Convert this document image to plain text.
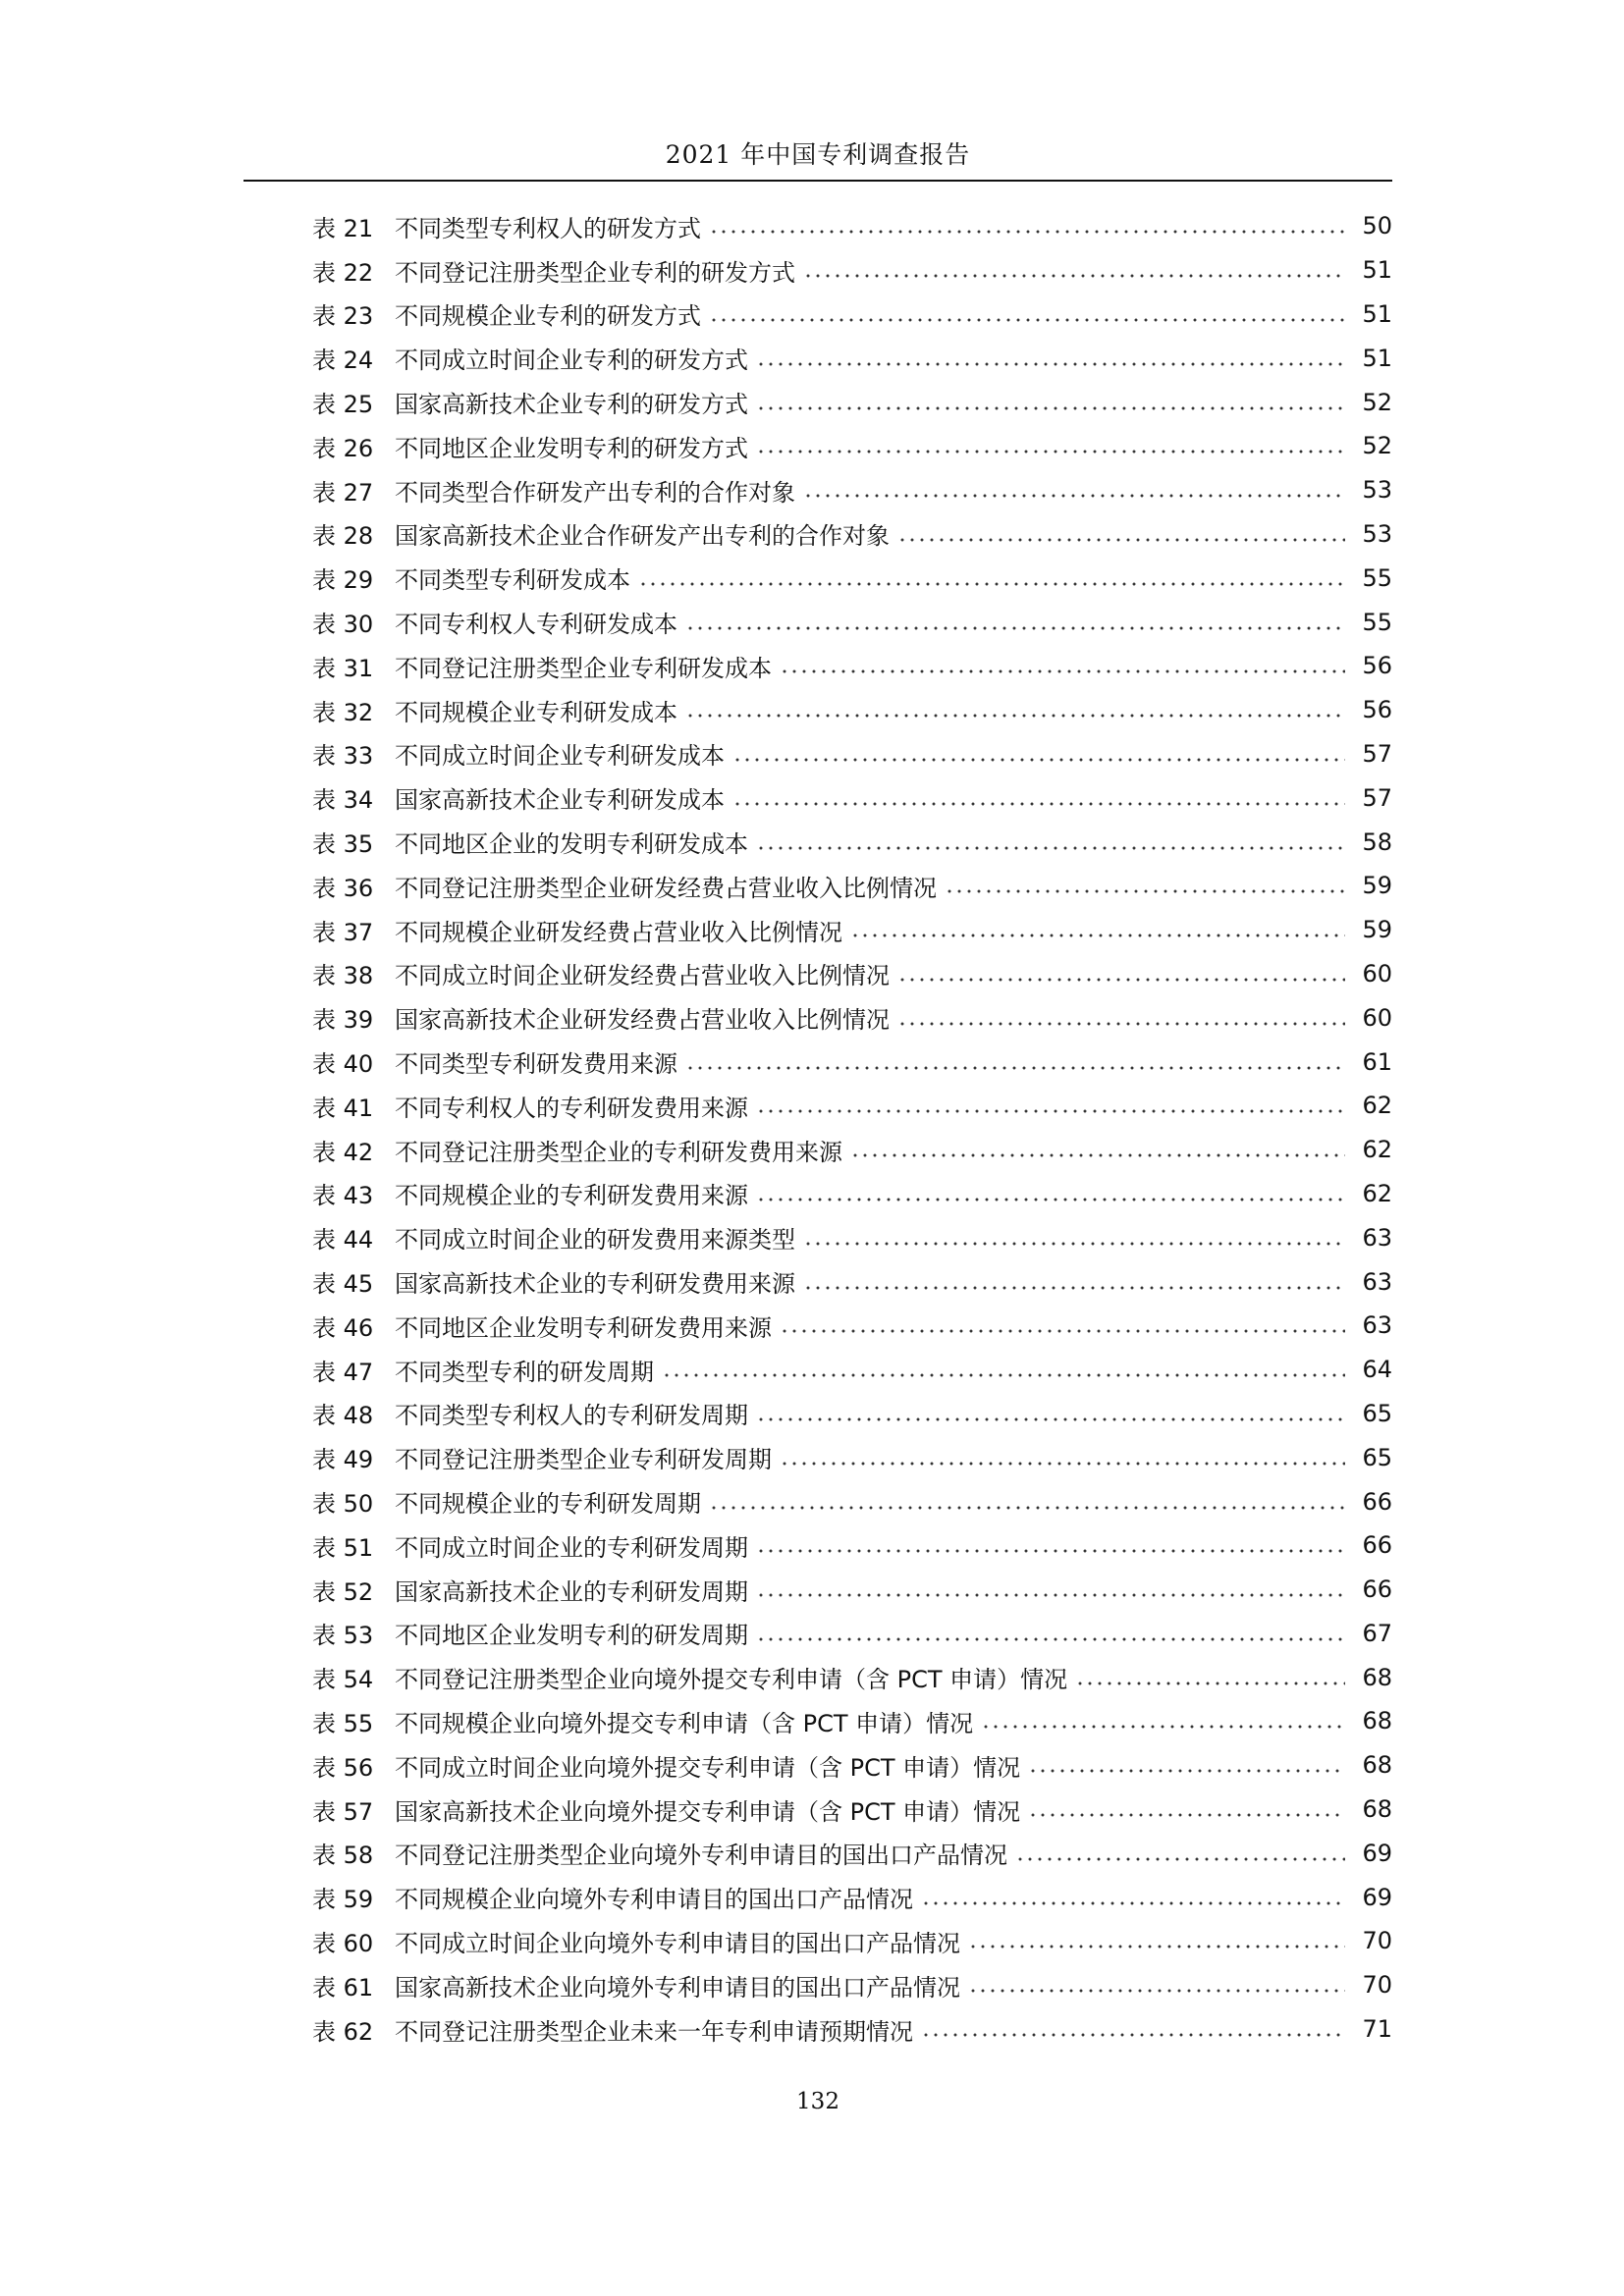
2021 年中国专利调查报告
表 21 不同类型专利权人的研发方式	50
表 22 不同登记注册类型企业专利的研发方式	51
表 23 不同规模企业专利的研发方式	51
表 24 不同成立时间企业专利的研发方式	51
表 25 国家高新技术企业专利的研发方式	52
表 26 不同地区企业发明专利的研发方式	52
表 27 不同类型合作研发产出专利的合作对象	53
表 28 国家高新技术企业合作研发产出专利的合作对象	53
表 29 不同类型专利研发成本	55
表 30 不同专利权人专利研发成本	55
表 31 不同登记注册类型企业专利研发成本	56
表 32 不同规模企业专利研发成本	56
表 33 不同成立时间企业专利研发成本	57
表 34 国家高新技术企业专利研发成本	57
表 35 不同地区企业的发明专利研发成本	58
表 36 不同登记注册类型企业研发经费占营业收入比例情况	59
表 37 不同规模企业研发经费占营业收入比例情况	59
表 38 不同成立时间企业研发经费占营业收入比例情况	60
表 39 国家高新技术企业研发经费占营业收入比例情况	60
表 40 不同类型专利研发费用来源	61
表 41 不同专利权人的专利研发费用来源	62
表 42 不同登记注册类型企业的专利研发费用来源	62
表 43 不同规模企业的专利研发费用来源	62
表 44 不同成立时间企业的研发费用来源类型	63
表 45 国家高新技术企业的专利研发费用来源	63
表 46 不同地区企业发明专利研发费用来源	63
表 47 不同类型专利的研发周期	64
表 48 不同类型专利权人的专利研发周期	65
表 49 不同登记注册类型企业专利研发周期	65
表 50 不同规模企业的专利研发周期	66
表 51 不同成立时间企业的专利研发周期	66
表 52 国家高新技术企业的专利研发周期	66
表 53 不同地区企业发明专利的研发周期	67
表 54 不同登记注册类型企业向境外提交专利申请（含 PCT 申请）情况	68
表 55 不同规模企业向境外提交专利申请（含 PCT 申请）情况	68
表 56 不同成立时间企业向境外提交专利申请（含 PCT 申请）情况	68
表 57 国家高新技术企业向境外提交专利申请（含 PCT 申请）情况	68
表 58 不同登记注册类型企业向境外专利申请目的国出口产品情况	69
表 59 不同规模企业向境外专利申请目的国出口产品情况	69
表 60 不同成立时间企业向境外专利申请目的国出口产品情况	70
表 61 国家高新技术企业向境外专利申请目的国出口产品情况	70
表 62 不同登记注册类型企业未来一年专利申请预期情况	71
132
